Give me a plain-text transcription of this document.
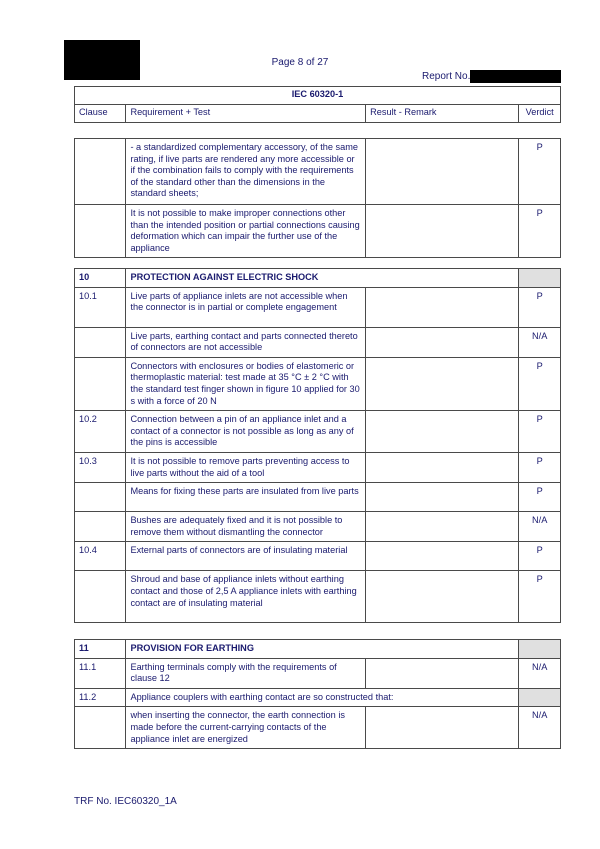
Page 8 of 27
Report No.
IEC 60320-1
Clause	Requirement + Test	Result - Remark	Verdict
	- a standardized complementary accessory, of the same rating, if live parts are rendered any more accessible or if the combination fails to comply with the requirements of the standard other than the dimensions in the standard sheets;		P
	It is not possible to make improper connections other than the intended position or partial connections causing deformation which can impair the further use of the appliance		P
10	PROTECTION AGAINST ELECTRIC SHOCK		
10.1	Live parts of appliance inlets are not accessible when the connector is in partial or complete engagement		P
	Live parts, earthing contact and parts connected thereto of connectors are not accessible		N/A
	Connectors with enclosures or bodies of elastomeric or thermoplastic material: test made at 35 °C ± 2 °C with the standard test finger shown in figure 10 applied for 30 s with a force of 20 N		P
10.2	Connection between a pin of an appliance inlet and a contact of a connector is not possible as long as any of the pins is accessible		P
10.3	It is not possible to remove parts preventing access to live parts without the aid of a tool		P
	Means for fixing these parts are insulated from live parts		P
	Bushes are adequately fixed and it is not possible to remove them without dismantling the connector		N/A
10.4	External parts of connectors are of insulating material		P
	Shroud and base of appliance inlets without earthing contact and those of 2,5 A appliance inlets with earthing contact are of insulating material		P
11	PROVISION FOR EARTHING		
11.1	Earthing terminals comply with the requirements of clause 12		N/A
11.2	Appliance couplers with earthing contact are so constructed that:		
	when inserting the connector, the earth connection is made before the current-carrying contacts of the appliance inlet are energized		N/A
TRF No. IEC60320_1A
